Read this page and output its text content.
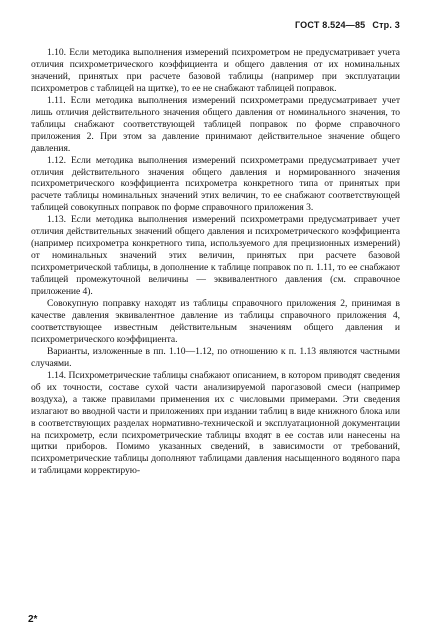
ГОСТ 8.524—85 Стр. 3

1.10. Если методика выполнения измерений психрометром не предусматривает учета отличия психрометрического коэффициента и общего давления от их номинальных значений, принятых при расчете базовой таблицы (например при эксплуатации психрометров с таблицей на щитке), то ее не снабжают таблицей поправок.

1.11. Если методика выполнения измерений психрометрами предусматривает учет лишь отличия действительного значения общего давления от номинального значения, то таблицы снабжают соответствующей таблицей поправок по форме справочного приложения 2. При этом за давление принимают действительное значение общего давления.

1.12. Если методика выполнения измерений психрометрами предусматривает учет отличия действительного значения общего давления и нормированного значения психрометрического коэффициента психрометра конкретного типа от принятых при расчете таблицы номинальных значений этих величин, то ее снабжают соответствующей таблицей совокупных поправок по форме справочного приложения 3.

1.13. Если методика выполнения измерений психрометрами предусматривает учет отличия действительных значений общего давления и психрометрического коэффициента (например психрометра конкретного типа, используемого для прецизионных измерений) от номинальных значений этих величин, принятых при расчете базовой психрометрической таблицы, в дополнение к таблице поправок по п. 1.11, то ее снабжают таблицей промежуточной величины — эквивалентного давления (см. справочное приложение 4).

Совокупную поправку находят из таблицы справочного приложения 2, принимая в качестве давления эквивалентное давление из таблицы справочного приложения 4, соответствующее известным действительным значениям общего давления и психрометрического коэффициента.

Варианты, изложенные в пп. 1.10—1.12, по отношению к п. 1.13 являются частными случаями.

1.14. Психрометрические таблицы снабжают описанием, в котором приводят сведения об их точности, составе сухой части анализируемой парогазовой смеси (например воздуха), а также правилами применения их с числовыми примерами. Эти сведения излагают во вводной части и приложениях при издании таблиц в виде книжного блока или в соответствующих разделах нормативно-технической и эксплуатационной документации на психрометр, если психрометрические таблицы входят в ее состав или нанесены на щитки приборов. Помимо указанных сведений, в зависимости от требований, психрометрические таблицы дополняют таблицами давления насыщенного водяного пара и таблицами корректирую-

2*
